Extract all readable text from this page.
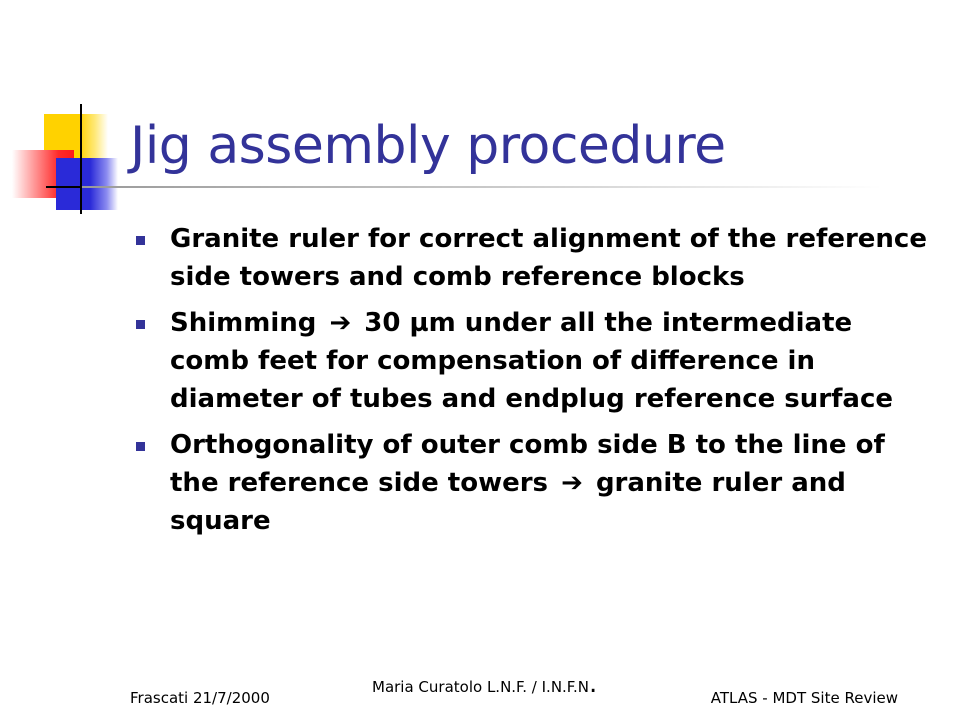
Jig assembly procedure
Granite ruler for correct alignment of the reference side towers and comb reference blocks
Shimming ➔ 30 µm under all the intermediate comb feet for compensation of difference in diameter of tubes and endplug reference surface
Orthogonality of outer comb side B to the line of the reference side towers ➔ granite ruler and square
Frascati 21/7/2000
Maria Curatolo L.N.F. / I.N.F.N.	ATLAS - MDT Site Review
